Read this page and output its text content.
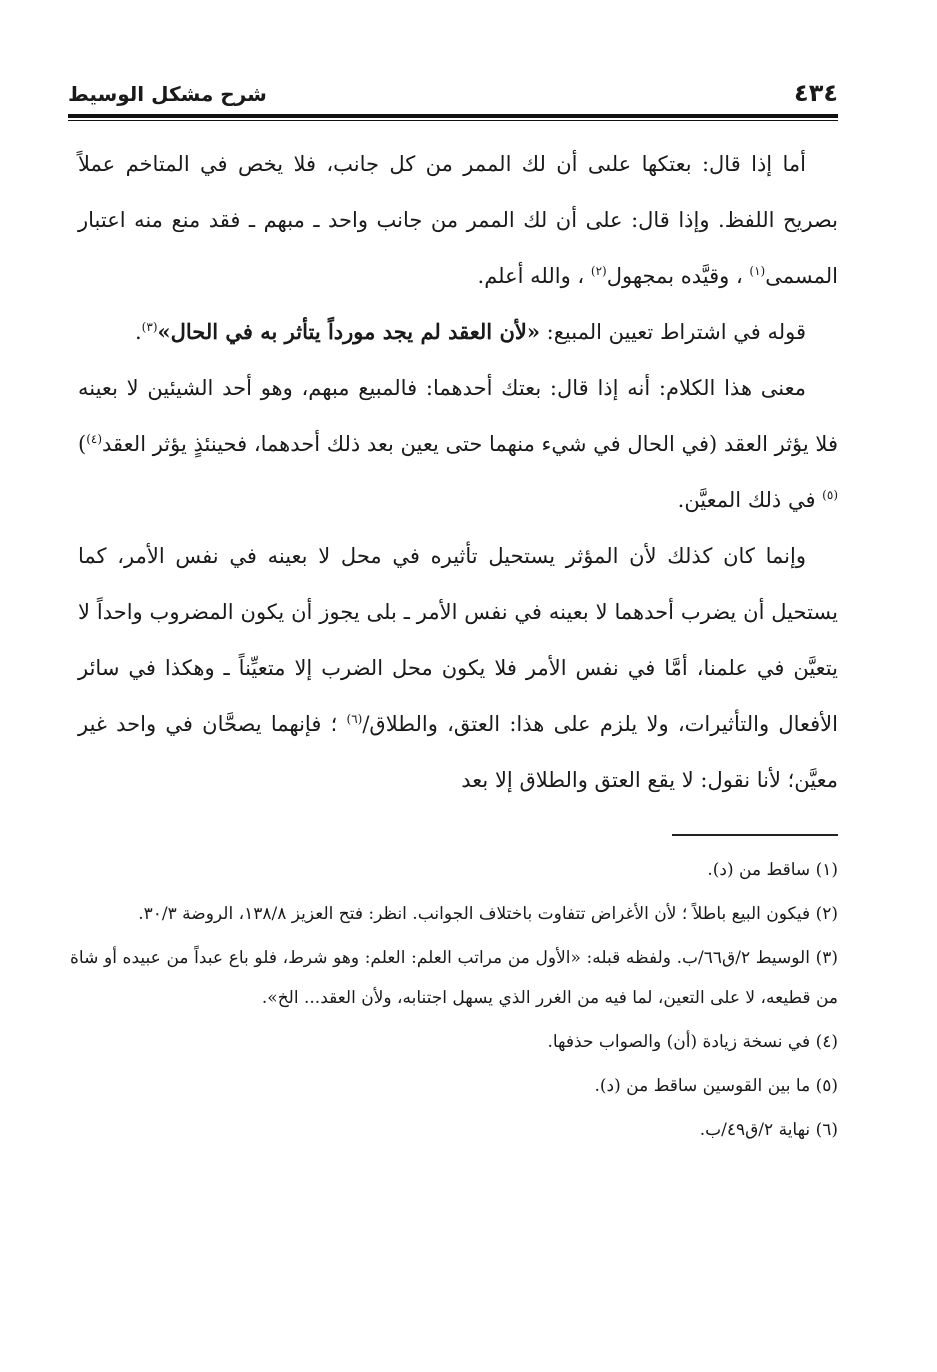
٤٣٤
شرح مشكل الوسيط

أما إذا قال: بعتكها علىى أن لك الممر من كل جانب، فلا يخص في المتاخم عملاً بصريح اللفظ. وإذا قال: على أن لك الممر من جانب واحد ـ مبهم ـ فقد منع منه اعتبار المسمى$^{(١)}$ ، وقيَّده بمجهول$^{(٢)}$ ، والله أعلم.

قوله في اشتراط تعيين المبيع: «لأن العقد لم يجد مورداً يتأثر به في الحال»$^{(٣)}$.

معنى هذا الكلام: أنه إذا قال: بعتك أحدهما: فالمبيع مبهم، وهو أحد الشيئين لا بعينه فلا يؤثر العقد (في الحال في شيء منهما حتى يعين بعد ذلك أحدهما، فحينئذٍ يؤثر العقد$^{(٤)}$)$^{(٥)}$ في ذلك المعيَّن.

وإنما كان كذلك لأن المؤثر يستحيل تأثيره في محل لا بعينه في نفس الأمر، كما يستحيل أن يضرب أحدهما لا بعينه في نفس الأمر ـ بلى يجوز أن يكون المضروب واحداً لا يتعيَّن في علمنا، أمَّا في نفس الأمر فلا يكون محل الضرب إلا متعيِّناً ـ وهكذا في سائر الأفعال والتأثيرات، ولا يلزم على هذا: العتق، والطلاق/$^{(٦)}$ ؛ فإنهما يصحَّان في واحد غير معيَّن؛ لأنا نقول: لا يقع العتق والطلاق إلا بعد

(١) ساقط من (د).

(٢) فيكون البيع باطلاً ؛ لأن الأغراض تتفاوت باختلاف الجوانب. انظر: فتح العزيز ١٣٨/٨، الروضة ٣٠/٣.

(٣) الوسيط ٢/ق٦٦/ب. ولفظه قبله: «الأول من مراتب العلم: العلم: وهو شرط، فلو باع عبداً من عبيده أو شاة من قطيعه، لا على التعين، لما فيه من الغرر الذي يسهل اجتنابه، ولأن العقد... الخ».

(٤) في نسخة زيادة (أن) والصواب حذفها.

(٥) ما بين القوسين ساقط من (د).

(٦) نهاية ٢/ق٤٩/ب.
